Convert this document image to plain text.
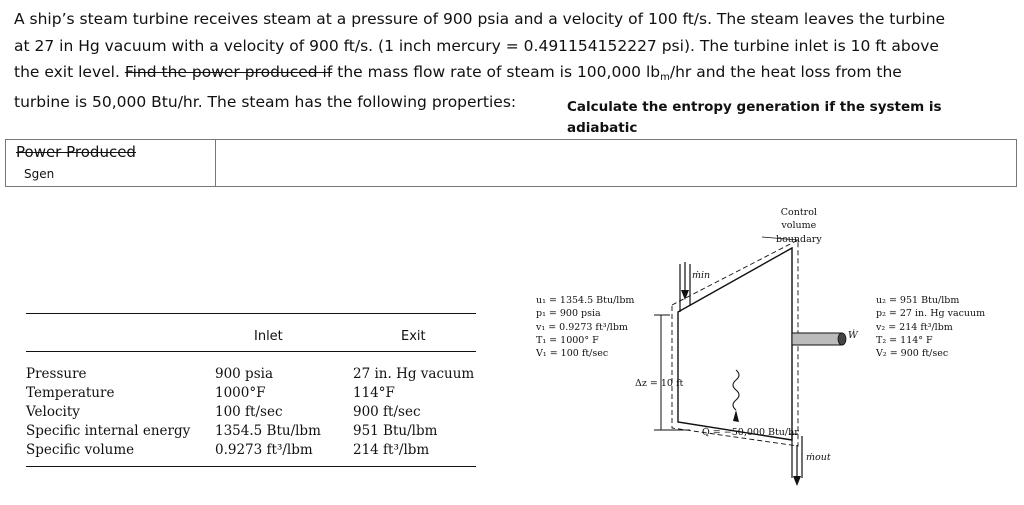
A ship’s steam turbine receives steam at a pressure of 900 psia and a velocity of 100 ft/s. The steam leaves the turbine
at 27 in Hg vacuum with a velocity of 900 ft/s. (1 inch mercury = 0.491154152227 psi). The turbine inlet is 10 ft above
the exit level. Find the power produced if the mass flow rate of steam is 100,000 lbm/hr and the heat loss from the
turbine is 50,000 Btu/hr. The steam has the following properties:	Calculate the entropy generation if the system is adiabatic
Power Produced
Sgen
Inlet	Exit
Pressure
Temperature
Velocity
Specific internal energy
Specific volume
900 psia
1000°F
100 ft/sec
1354.5 Btu/lbm
0.9273 ft³/lbm
27 in. Hg vacuum
114°F
900 ft/sec
951 Btu/lbm
214 ft³/lbm
Control
volume
boundary
ṁin
ṁout
Ẇ
Δz = 10 ft
Q̇ = −50,000 Btu/hr
u₁ = 1354.5 Btu/lbm
p₁ = 900 psia
v₁ = 0.9273 ft³/lbm
T₁ = 1000° F
V₁ = 100 ft/sec
u₂ = 951 Btu/lbm
p₂ = 27 in. Hg vacuum
v₂ = 214 ft³/lbm
T₂ = 114° F
V₂ = 900 ft/sec
